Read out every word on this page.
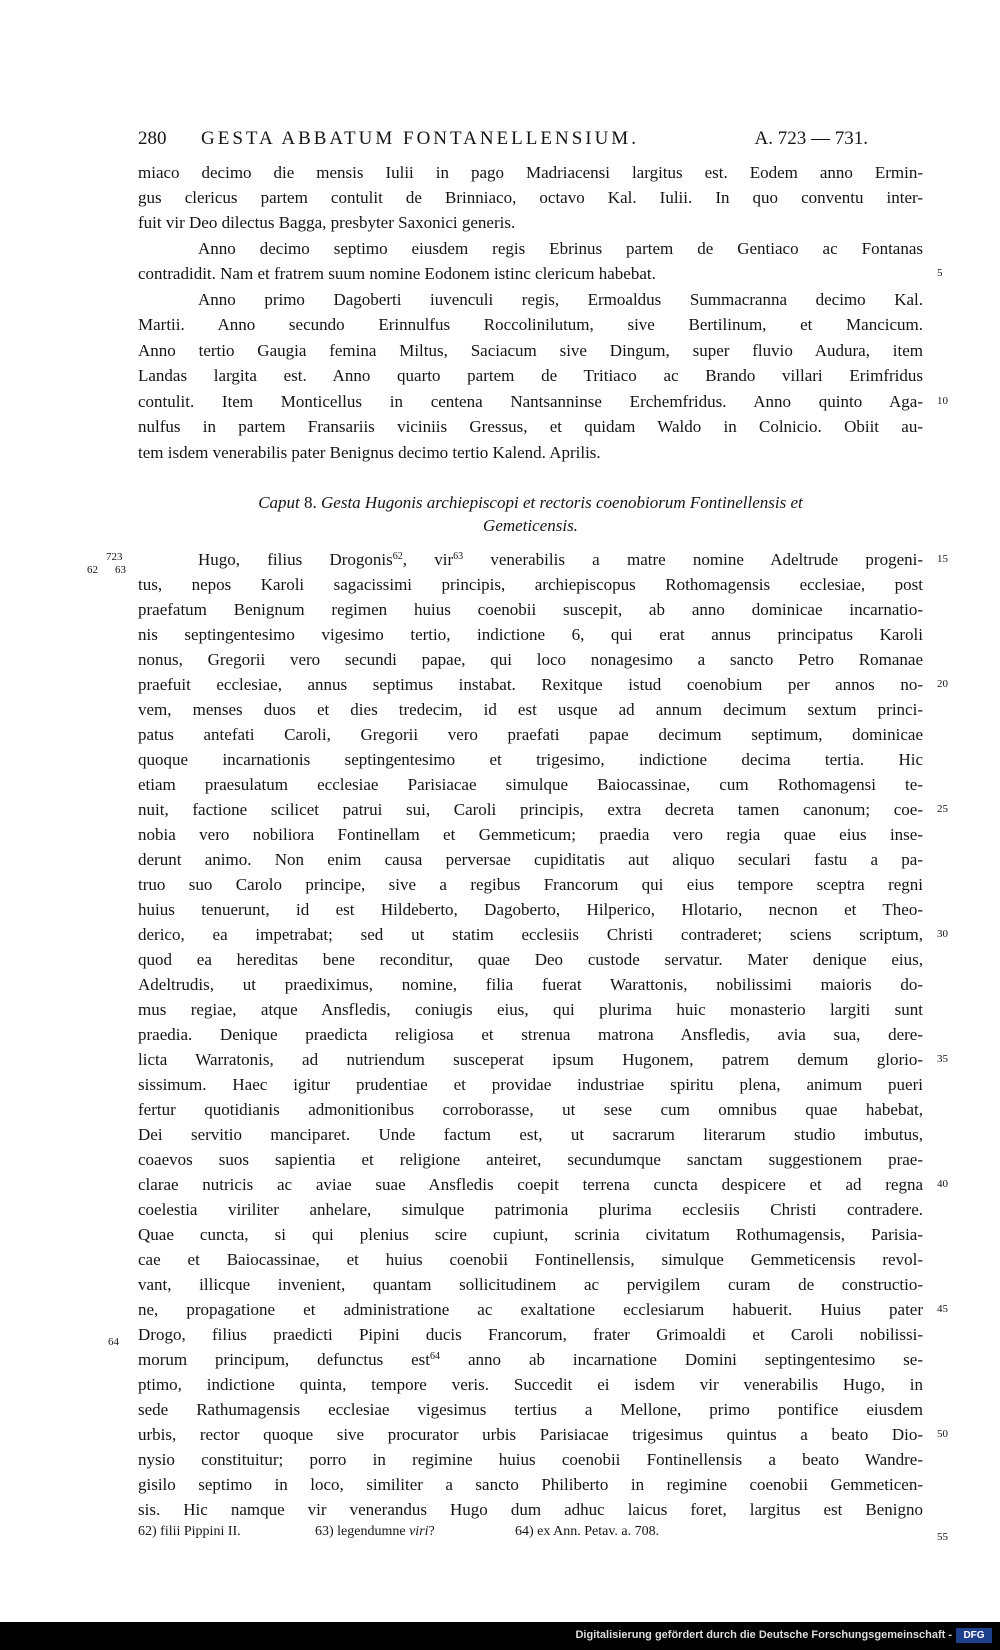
280 GESTA ABBATUM FONTANELLENSIUM.	A. 723 — 731.
miaco decimo die mensis Iulii in pago Madriacensi largitus est. Eodem anno Ermin-
gus clericus partem contulit de Brinniaco, octavo Kal. Iulii. In quo conventu inter-
fuit vir Deo dilectus Bagga, presbyter Saxonici generis.
Anno decimo septimo eiusdem regis Ebrinus partem de Gentiaco ac Fontanas
contradidit. Nam et fratrem suum nomine Eodonem istinc clericum habebat.
Anno primo Dagoberti iuvenculi regis, Ermoaldus Summacranna decimo Kal.
Martii. Anno secundo Erinnulfus Roccolinilutum, sive Bertilinum, et Mancicum.
Anno tertio Gaugia femina Miltus, Saciacum sive Dingum, super fluvio Audura, item
Landas largita est. Anno quarto partem de Tritiaco ac Brando villari Erimfridus
contulit. Item Monticellus in centena Nantsanninse Erchemfridus. Anno quinto Aga-
nulfus in partem Fransariis viciniis Gressus, et quidam Waldo in Colnicio. Obiit au-
tem isdem venerabilis pater Benignus decimo tertio Kalend. Aprilis.
Caput 8. Gesta Hugonis archiepiscopi et rectoris coenobiorum Fontinellensis et
Gemeticensis.
723
62 63
64
Hugo, filius Drogonis$^{62}$, vir$^{63}$ venerabilis a matre nomine Adeltrude progeni-
tus, nepos Karoli sagacissimi principis, archiepiscopus Rothomagensis ecclesiae, post
praefatum Benignum regimen huius coenobii suscepit, ab anno dominicae incarnatio-
nis septingentesimo vigesimo tertio, indictione 6, qui erat annus principatus Karoli
nonus, Gregorii vero secundi papae, qui loco nonagesimo a sancto Petro Romanae
praefuit ecclesiae, annus septimus instabat. Rexitque istud coenobium per annos no-
vem, menses duos et dies tredecim, id est usque ad annum decimum sextum princi-
patus antefati Caroli, Gregorii vero praefati papae decimum septimum, dominicae
quoque incarnationis septingentesimo et trigesimo, indictione decima tertia. Hic
etiam praesulatum ecclesiae Parisiacae simulque Baiocassinae, cum Rothomagensi te-
nuit, factione scilicet patrui sui, Caroli principis, extra decreta tamen canonum; coe-
nobia vero nobiliora Fontinellam et Gemmeticum; praedia vero regia quae eius inse-
derunt animo. Non enim causa perversae cupiditatis aut aliquo seculari fastu a pa-
truo suo Carolo principe, sive a regibus Francorum qui eius tempore sceptra regni
huius tenuerunt, id est Hildeberto, Dagoberto, Hilperico, Hlotario, necnon et Theo-
derico, ea impetrabat; sed ut statim ecclesiis Christi contraderet; sciens scriptum,
quod ea hereditas bene reconditur, quae Deo custode servatur. Mater denique eius,
Adeltrudis, ut praediximus, nomine, filia fuerat Warattonis, nobilissimi maioris do-
mus regiae, atque Ansfledis, coniugis eius, qui plurima huic monasterio largiti sunt
praedia. Denique praedicta religiosa et strenua matrona Ansfledis, avia sua, dere-
licta Warratonis, ad nutriendum susceperat ipsum Hugonem, patrem demum glorio-
sissimum. Haec igitur prudentiae et providae industriae spiritu plena, animum pueri
fertur quotidianis admonitionibus corroborasse, ut sese cum omnibus quae habebat,
Dei servitio manciparet. Unde factum est, ut sacrarum literarum studio imbutus,
coaevos suos sapientia et religione anteiret, secundumque sanctam suggestionem prae-
clarae nutricis ac aviae suae Ansfledis coepit terrena cuncta despicere et ad regna
coelestia viriliter anhelare, simulque patrimonia plurima ecclesiis Christi contradere.
Quae cuncta, si qui plenius scire cupiunt, scrinia civitatum Rothumagensis, Parisia-
cae et Baiocassinae, et huius coenobii Fontinellensis, simulque Gemmeticensis revol-
vant, illicque invenient, quantam sollicitudinem ac pervigilem curam de constructio-
ne, propagatione et administratione ac exaltatione ecclesiarum habuerit. Huius pater
Drogo, filius praedicti Pipini ducis Francorum, frater Grimoaldi et Caroli nobilissi-
morum principum, defunctus est$^{64}$ anno ab incarnatione Domini septingentesimo se-
ptimo, indictione quinta, tempore veris. Succedit ei isdem vir venerabilis Hugo, in
sede Rathumagensis ecclesiae vigesimus tertius a Mellone, primo pontifice eiusdem
urbis, rector quoque sive procurator urbis Parisiacae trigesimus quintus a beato Dio-
nysio constituitur; porro in regimine huius coenobii Fontinellensis a beato Wandre-
gisilo septimo in loco, similiter a sancto Philiberto in regimine coenobii Gemmeticen-
sis. Hic namque vir venerandus Hugo dum adhuc laicus foret, largitus est Benigno
5
10
15
20
25
30
35
40
45
50
55
62) filii Pippini II.	63) legendumne viri?	64) ex Ann. Petav. a. 708.
Digitalisierung gefördert durch die Deutsche Forschungsgemeinschaft -	DFG
